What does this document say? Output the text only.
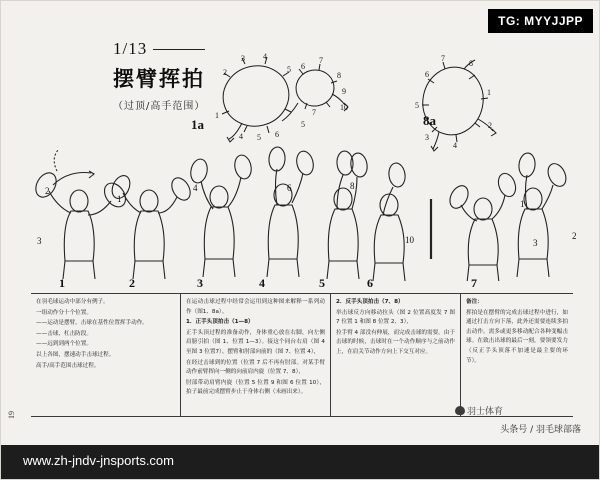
TG: MYYJJPP
1/13
摆臂挥拍
（过顶/高手范围）
2
3 4
5 6
7
8
9
10
1
4 5 6
5
7
6
7
8
1
2
4
3
5
1a	8a
2
3
1
4	6	8
10
1
2
3
1	2	3	4	5	6	7

在羽毛球运动中部分有例子。

一组动作分十个位置。

——运动是摆臂，击球在基性位置挥手动作。

——击球，杠击防段。

——远到到两个位置。

以上各图，摆速动手击球过程。

高手/高手范围击球过程。

在运动击球过程中经常会运用到这种图来解释一系列动作（图1、8a）。

1．正手头顶拍击（1—8）

正手头顶过程的准备动作，身体重心放在右脚，向左侧肩膀引拍（图 1、位置 1—3）。接这个同台右肩（图 4 至图 3 位置7）。摆臂和肘部向前的（图 7、位置 4），

在经过击球到的位置（位置 7 后不再有肘部。对某手臂动作前臂挥向一侧的向前肩内旋（位置 7、8），

肘部带动肩臂内旋（位置 5 位置 9 和图 6 位置 10），拍子最前完成摆臂步止于身体右侧（未画出来）。

2．反手头顶拍击（7、8）

举击球反方向移动拉头（图 2 位置高度发 7 图 7 位置 1 和图 8 位置 2、3），

拉手臂 4 部没有伸展，而完成击球的需要。由于击球的时候，击球时在一个动作顺序与之前动作上，在肩关节动作方向上下交互对应。

备注：

挥拍是在摆臂的完成击球过程中进行，如通过打击方向下落，此外还需要连续多拍击动作。需多或更多移动配合各种变幅击球。在致击出球的最后一刻，要领要发力（反正手头顶落不加速是最主要的环节）。

19	羽士体育
头条号 / 羽毛球部落
www.zh-jndv-jnsports.com
